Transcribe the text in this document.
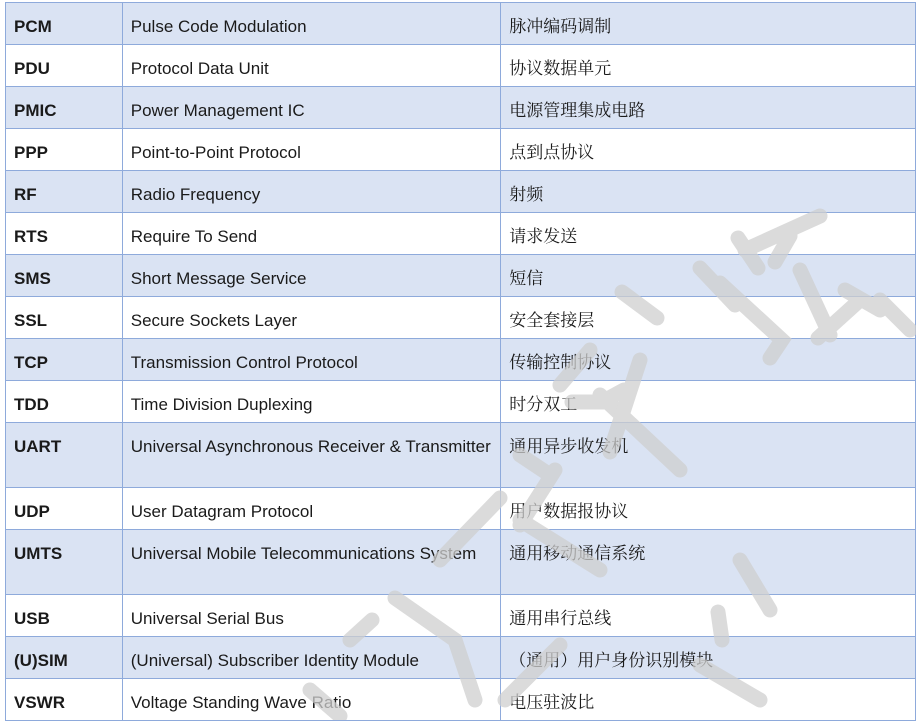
PCM	Pulse Code Modulation	脉冲编码调制

PDU	Protocol Data Unit	协议数据单元

PMIC	Power Management IC	电源管理集成电路

PPP	Point-to-Point Protocol	点到点协议

RF	Radio Frequency	射频

RTS	Require To Send	请求发送

SMS	Short Message Service	短信

SSL	Secure Sockets Layer	安全套接层

TCP	Transmission Control Protocol	传输控制协议

TDD	Time Division Duplexing	时分双工

UART	Universal Asynchronous Receiver & Transmitter	通用异步收发机

UDP	User Datagram Protocol	用户数据报协议

UMTS	Universal Mobile Telecommunications System	通用移动通信系统

USB	Universal Serial Bus	通用串行总线

(U)SIM	(Universal) Subscriber Identity Module	（通用）用户身份识别模块

VSWR	Voltage Standing Wave Ratio	电压驻波比
